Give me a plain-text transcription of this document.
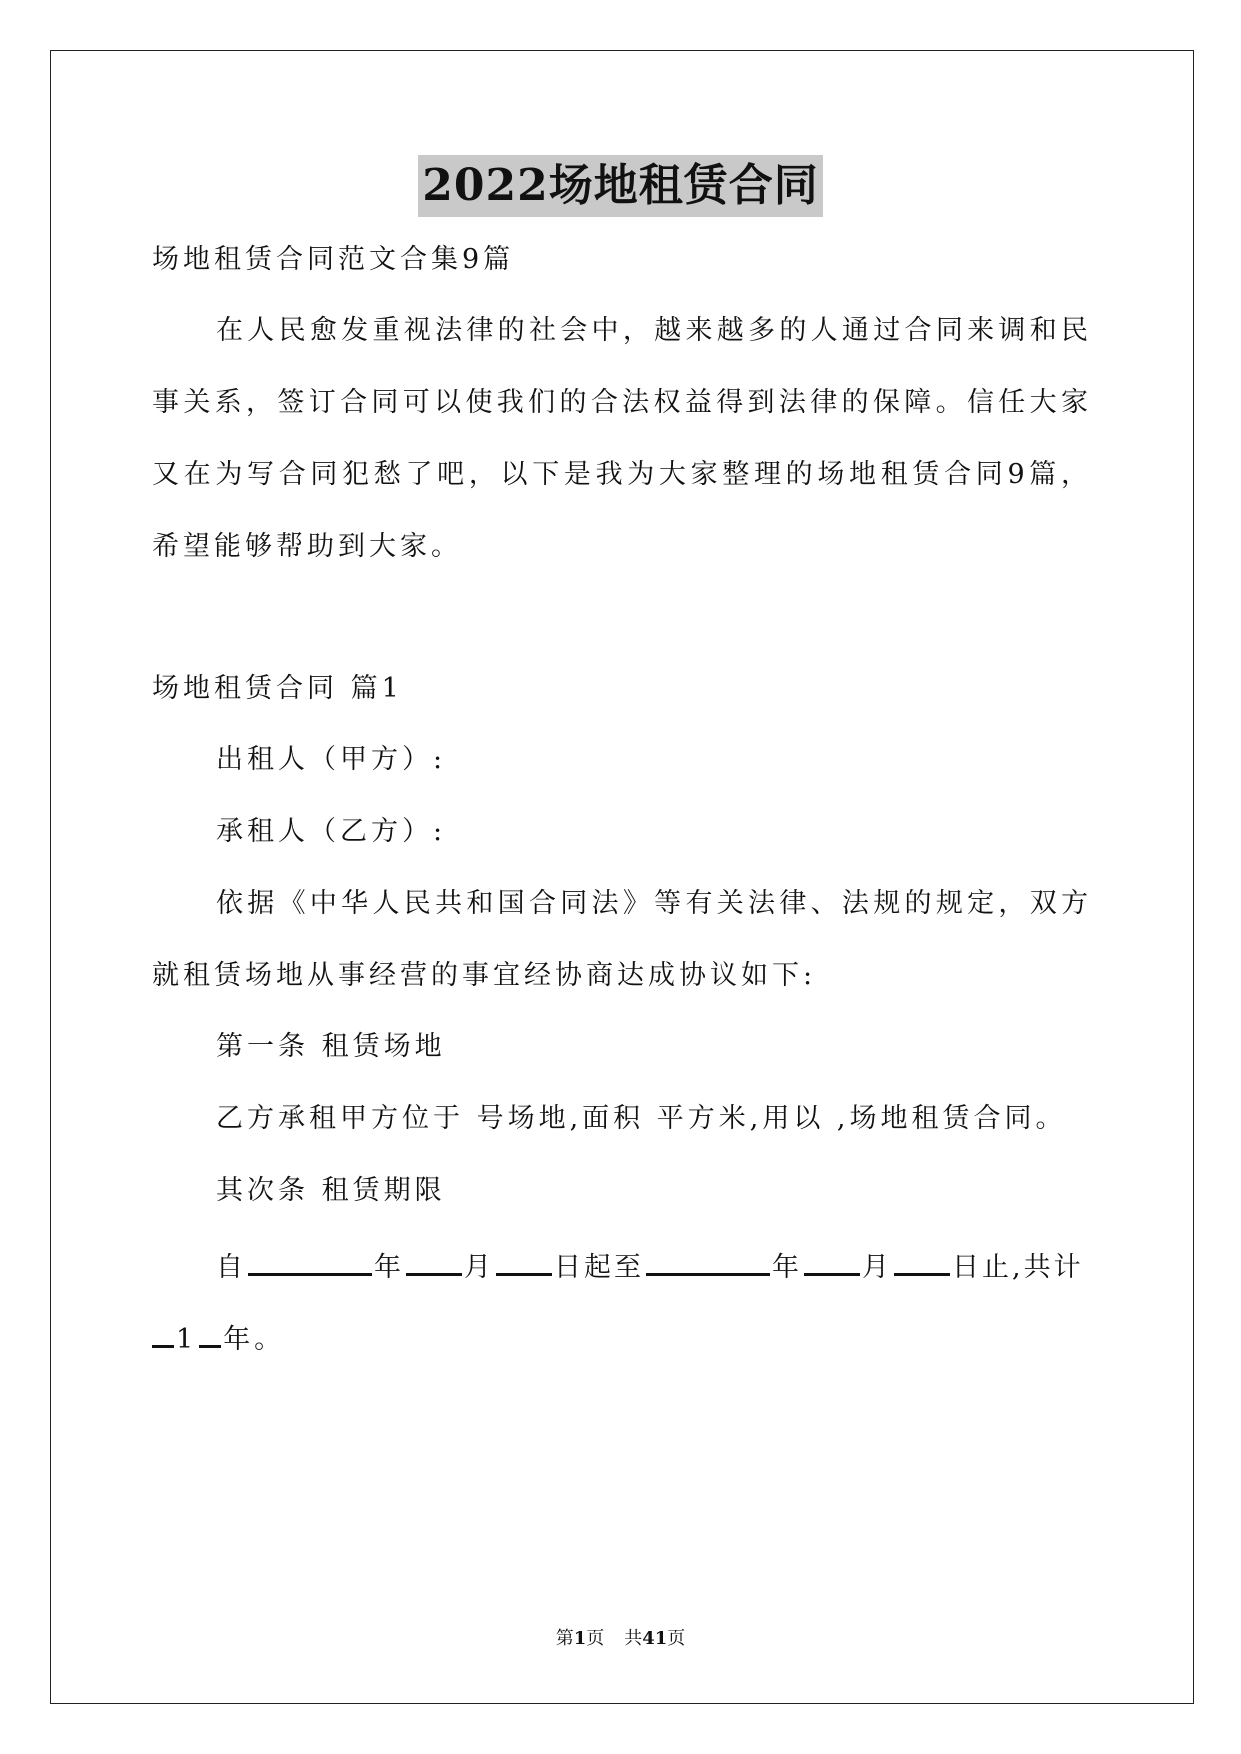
2022场地租赁合同
场地租赁合同范文合集9篇
在人民愈发重视法律的社会中，越来越多的人通过合同来调和民
事关系，签订合同可以使我们的合法权益得到法律的保障。信任大家
又在为写合同犯愁了吧，以下是我为大家整理的场地租赁合同9篇，
希望能够帮助到大家。
场地租赁合同 篇1
出租人（甲方）:
承租人（乙方）:
依据《中华人民共和国合同法》等有关法律、法规的规定，双方
就租赁场地从事经营的事宜经协商达成协议如下:
第一条 租赁场地
乙方承租甲方位于 号场地,面积 平方米,用以 ,场地租赁合同。
其次条 租赁期限
自	年 月 日起至	年 月 日止,共计
1 年。
第1页 共41页
